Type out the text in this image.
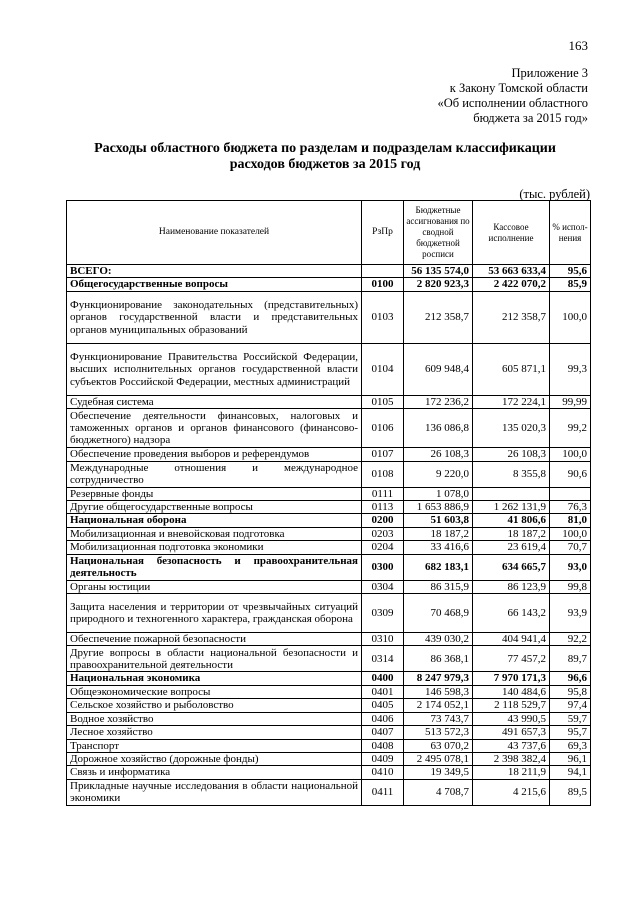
163
Приложение 3
к Закону Томской области
«Об исполнении областного
бюджета за 2015 год»
Расходы областного бюджета по разделам и подразделам классификации
расходов бюджетов за 2015 год
(тыс. рублей)
Наименование показателей	РзПр	Бюджетные ассигнования по сводной бюджетной росписи	Кассовое исполнение	% испол-нения
ВСЕГО:		56 135 574,0	53 663 633,4	95,6
Общегосударственные вопросы	0100	2 820 923,3	2 422 070,2	85,9
Функционирование законодательных (представительных) органов государственной власти и представительных органов муниципальных образований	0103	212 358,7	212 358,7	100,0
Функционирование Правительства Российской Федерации, высших исполнительных органов государственной власти субъектов Российской Федерации, местных администраций	0104	609 948,4	605 871,1	99,3
Судебная система	0105	172 236,2	172 224,1	99,99
Обеспечение деятельности финансовых, налоговых и таможенных органов и органов финансового (финансово-бюджетного) надзора	0106	136 086,8	135 020,3	99,2
Обеспечение проведения выборов и референдумов	0107	26 108,3	26 108,3	100,0
Международные отношения и международное сотрудничество	0108	9 220,0	8 355,8	90,6
Резервные фонды	0111	1 078,0		
Другие общегосударственные вопросы	0113	1 653 886,9	1 262 131,9	76,3
Национальная оборона	0200	51 603,8	41 806,6	81,0
Мобилизационная и вневойсковая подготовка	0203	18 187,2	18 187,2	100,0
Мобилизационная подготовка экономики	0204	33 416,6	23 619,4	70,7
Национальная безопасность и правоохранительная деятельность	0300	682 183,1	634 665,7	93,0
Органы юстиции	0304	86 315,9	86 123,9	99,8
Защита населения и территории от чрезвычайных ситуаций природного и техногенного характера, гражданская оборона	0309	70 468,9	66 143,2	93,9
Обеспечение пожарной безопасности	0310	439 030,2	404 941,4	92,2
Другие вопросы в области национальной безопасности и правоохранительной деятельности	0314	86 368,1	77 457,2	89,7
Национальная экономика	0400	8 247 979,3	7 970 171,3	96,6
Общеэкономические вопросы	0401	146 598,3	140 484,6	95,8
Сельское хозяйство и рыболовство	0405	2 174 052,1	2 118 529,7	97,4
Водное хозяйство	0406	73 743,7	43 990,5	59,7
Лесное хозяйство	0407	513 572,3	491 657,3	95,7
Транспорт	0408	63 070,2	43 737,6	69,3
Дорожное хозяйство (дорожные фонды)	0409	2 495 078,1	2 398 382,4	96,1
Связь и информатика	0410	19 349,5	18 211,9	94,1
Прикладные научные исследования в области национальной экономики	0411	4 708,7	4 215,6	89,5
